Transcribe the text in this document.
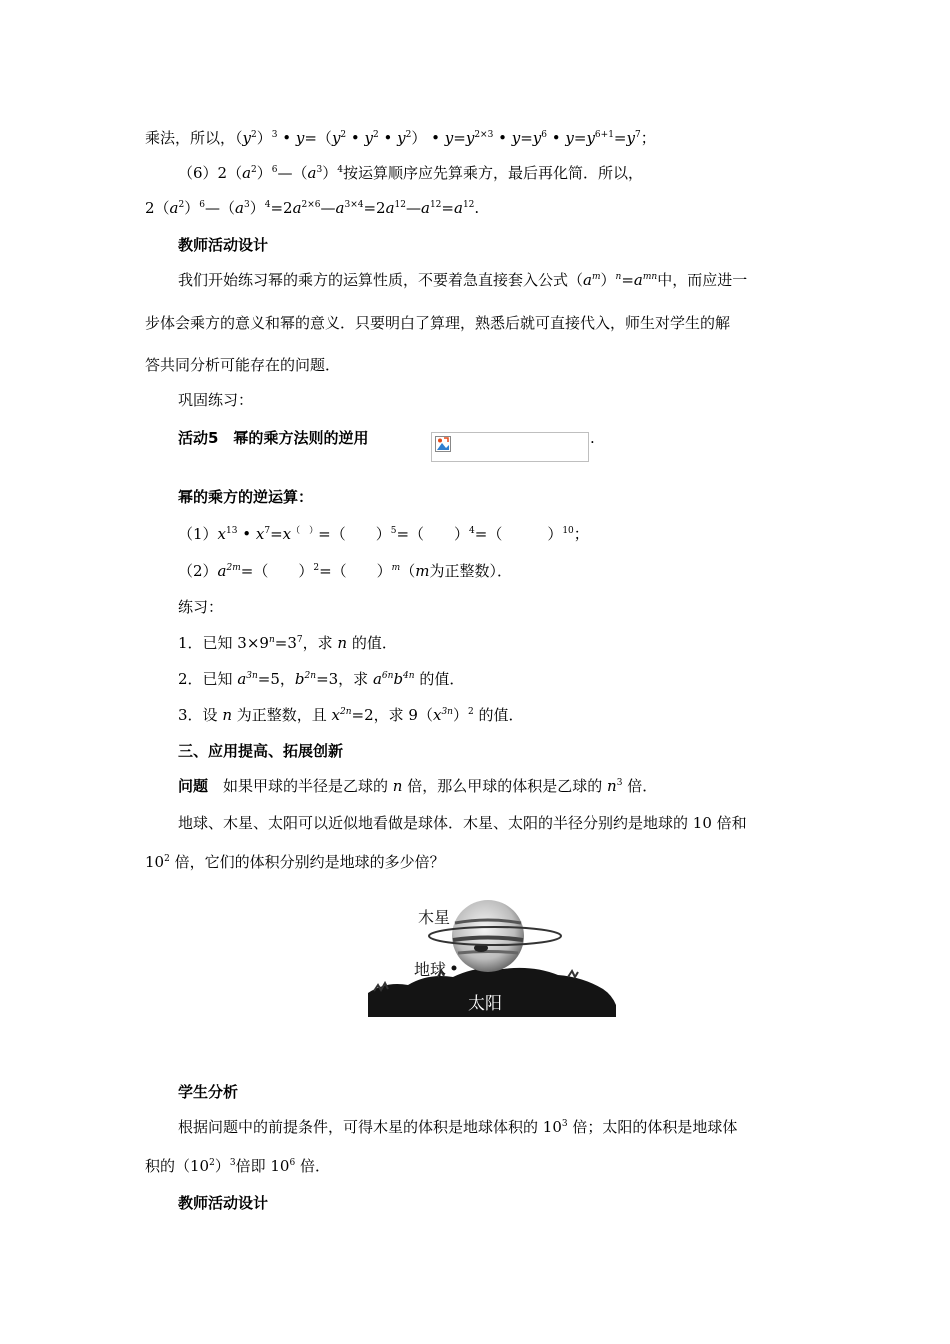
乘法，所以，$(y^2)^3$ • $y=(y^2$ • $y^2$ • $y^2$） • $y=y^{2\times 3}$ • $y=y^6$ • $y=y^{6+1}=y^7$；
$(6)2(a^2)^6—(a^3)^4$按运算顺序应先算乘方，最后再化简．所以，
$2(a^2)^6—(a^3)^4=2a^{2\times 6}—a^{3\times 4}=2a^{12}—a^{12}=a^{12}$.
教师活动设计
我们开始练习幂的乘方的运算性质，不要着急直接套入公式$(a^m)^n=a^{mn}$中，而应进一
步体会乘方的意义和幂的意义．只要明白了算理，熟悉后就可直接代入，师生对学生的解
答共同分析可能存在的问题．
巩固练习：
活动5　幂的乘方法则的逆用	.
幂的乘方的逆运算：
$(1)x^{13}$ • $x^7=x^{( )}=$（　　）$^5$=（　　）$^4$=（　　　）$^{10}$；
$(2)a^{2m}=$（　　）$^2$=（　　）$^m$（m为正整数）．
练习：
1．已知 $3\times 9^n=3^7$，求 n 的值．
2．已知 $a^{3n}=5$，$b^{2n}=3$，求 $a^{6n}b^{4n}$ 的值．
3．设 n 为正整数，且 $x^{2n}=2$，求 $9(x^{3n})^2$ 的值．
三、应用提高、拓展创新
问题　如果甲球的半径是乙球的 n 倍，那么甲球的体积是乙球的 $n^3$ 倍．
地球、木星、太阳可以近似地看做是球体．木星、太阳的半径分别约是地球的 10 倍和
$10^2$ 倍，它们的体积分别约是地球的多少倍？
木星
地球
太阳
学生分析
根据问题中的前提条件，可得木星的体积是地球体积的 $10^3$ 倍；太阳的体积是地球体
积的$(10^2)^3$倍即 $10^6$ 倍．
教师活动设计
